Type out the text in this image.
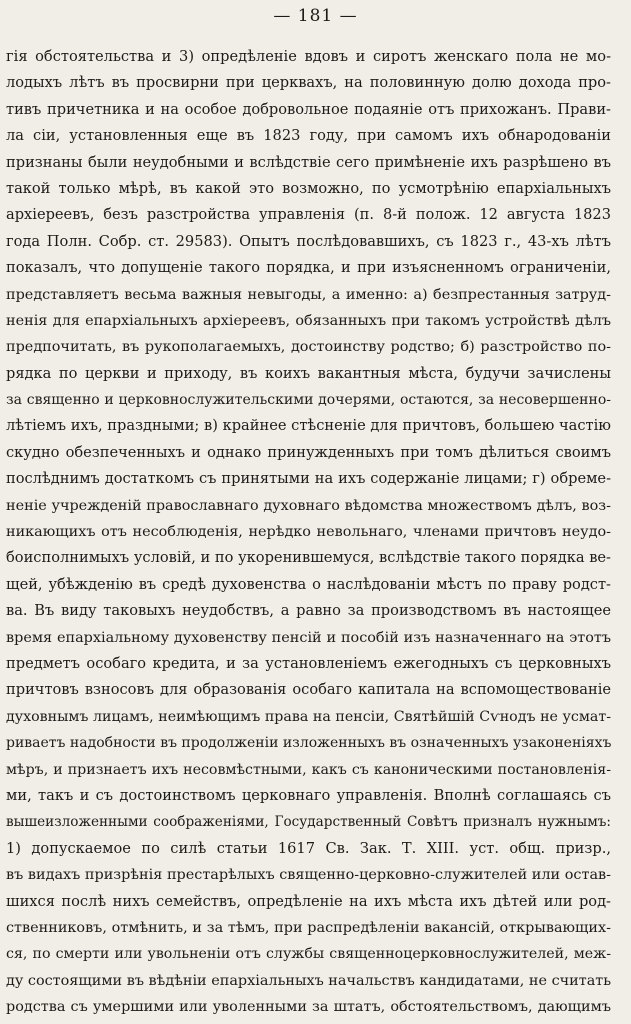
— 181 —
гія обстоятельства и 3) опредѣленіе вдовъ и сиротъ женскаго пола не мо-
лодыхъ лѣтъ въ просвирни при церквахъ, на половинную долю дохода про-
тивъ причетника и на особое добровольное подаяніе отъ прихожанъ. Прави-
ла сіи, установленныя еще въ 1823 году, при самомъ ихъ обнародованіи
признаны были неудобными и вслѣдствіе сего примѣненіе ихъ разрѣшено въ
такой только мѣрѣ, въ какой это возможно, по усмотрѣнію епархіальныхъ
архіереевъ, безъ разстройства управленія (п. 8-й полож. 12 августа 1823
года Полн. Собр. ст. 29583). Опытъ послѣдовавшихъ, съ 1823 г., 43-хъ лѣтъ
показалъ, что допущеніе такого порядка, и при изъясненномъ ограниченіи,
представляетъ весьма важныя невыгоды, а именно: а) безпрестанныя затруд-
ненія для епархіальныхъ архіереевъ, обязанныхъ при такомъ устройствѣ дѣлъ
предпочитать, въ рукополагаемыхъ, достоинству родство; б) разстройство по-
рядка по церкви и приходу, въ коихъ вакантныя мѣста, будучи зачислены
за священно и церковнослужительскими дочерями, остаются, за несовершенно-
лѣтіемъ ихъ, праздными; в) крайнее стѣсненіе для причтовъ, большею частію
скудно обезпеченныхъ и однако принужденныхъ при томъ дѣлиться своимъ
послѣднимъ достаткомъ съ принятыми на ихъ содержаніе лицами; г) обреме-
неніе учрежденій православнаго духовнаго вѣдомства множествомъ дѣлъ, воз-
никающихъ отъ несоблюденія, нерѣдко невольнаго, членами причтовъ неудо-
боисполнимыхъ условій, и по укоренившемуся, вслѣдствіе такого порядка ве-
щей, убѣжденію въ средѣ духовенства о наслѣдованіи мѣстъ по праву родст-
ва. Въ виду таковыхъ неудобствъ, а равно за производствомъ въ настоящее
время епархіальному духовенству пенсій и пособій изъ назначеннаго на этотъ
предметъ особаго кредита, и за установленіемъ ежегодныхъ съ церковныхъ
причтовъ взносовъ для образованія особаго капитала на вспомоществованіе
духовнымъ лицамъ, неимѣющимъ права на пенсіи, Святѣйшій Сѵнодъ не усмат-
риваетъ надобности въ продолженіи изложенныхъ въ означенныхъ узаконеніяхъ
мѣръ, и признаетъ ихъ несовмѣстными, какъ съ каноническими постановленія-
ми, такъ и съ достоинствомъ церковнаго управленія. Вполнѣ соглашаясь съ
вышеизложенными соображеніями, Государственный Совѣтъ призналъ нужнымъ:
1) допускаемое по силѣ статьи 1617 Св. Зак. Т. XIII. уст. общ. призр.,
въ видахъ призрѣнія престарѣлыхъ священно-церковно-служителей или остав-
шихся послѣ нихъ семействъ, опредѣленіе на ихъ мѣста ихъ дѣтей или род-
ственниковъ, отмѣнить, и за тѣмъ, при распредѣленіи вакансій, открывающих-
ся, по смерти или увольненіи отъ службы священноцерковнослужителей, меж-
ду состоящими въ вѣдѣніи епархіальныхъ начальствъ кандидатами, не считать
родства съ умершими или уволенными за штатъ, обстоятельствомъ, дающимъ
